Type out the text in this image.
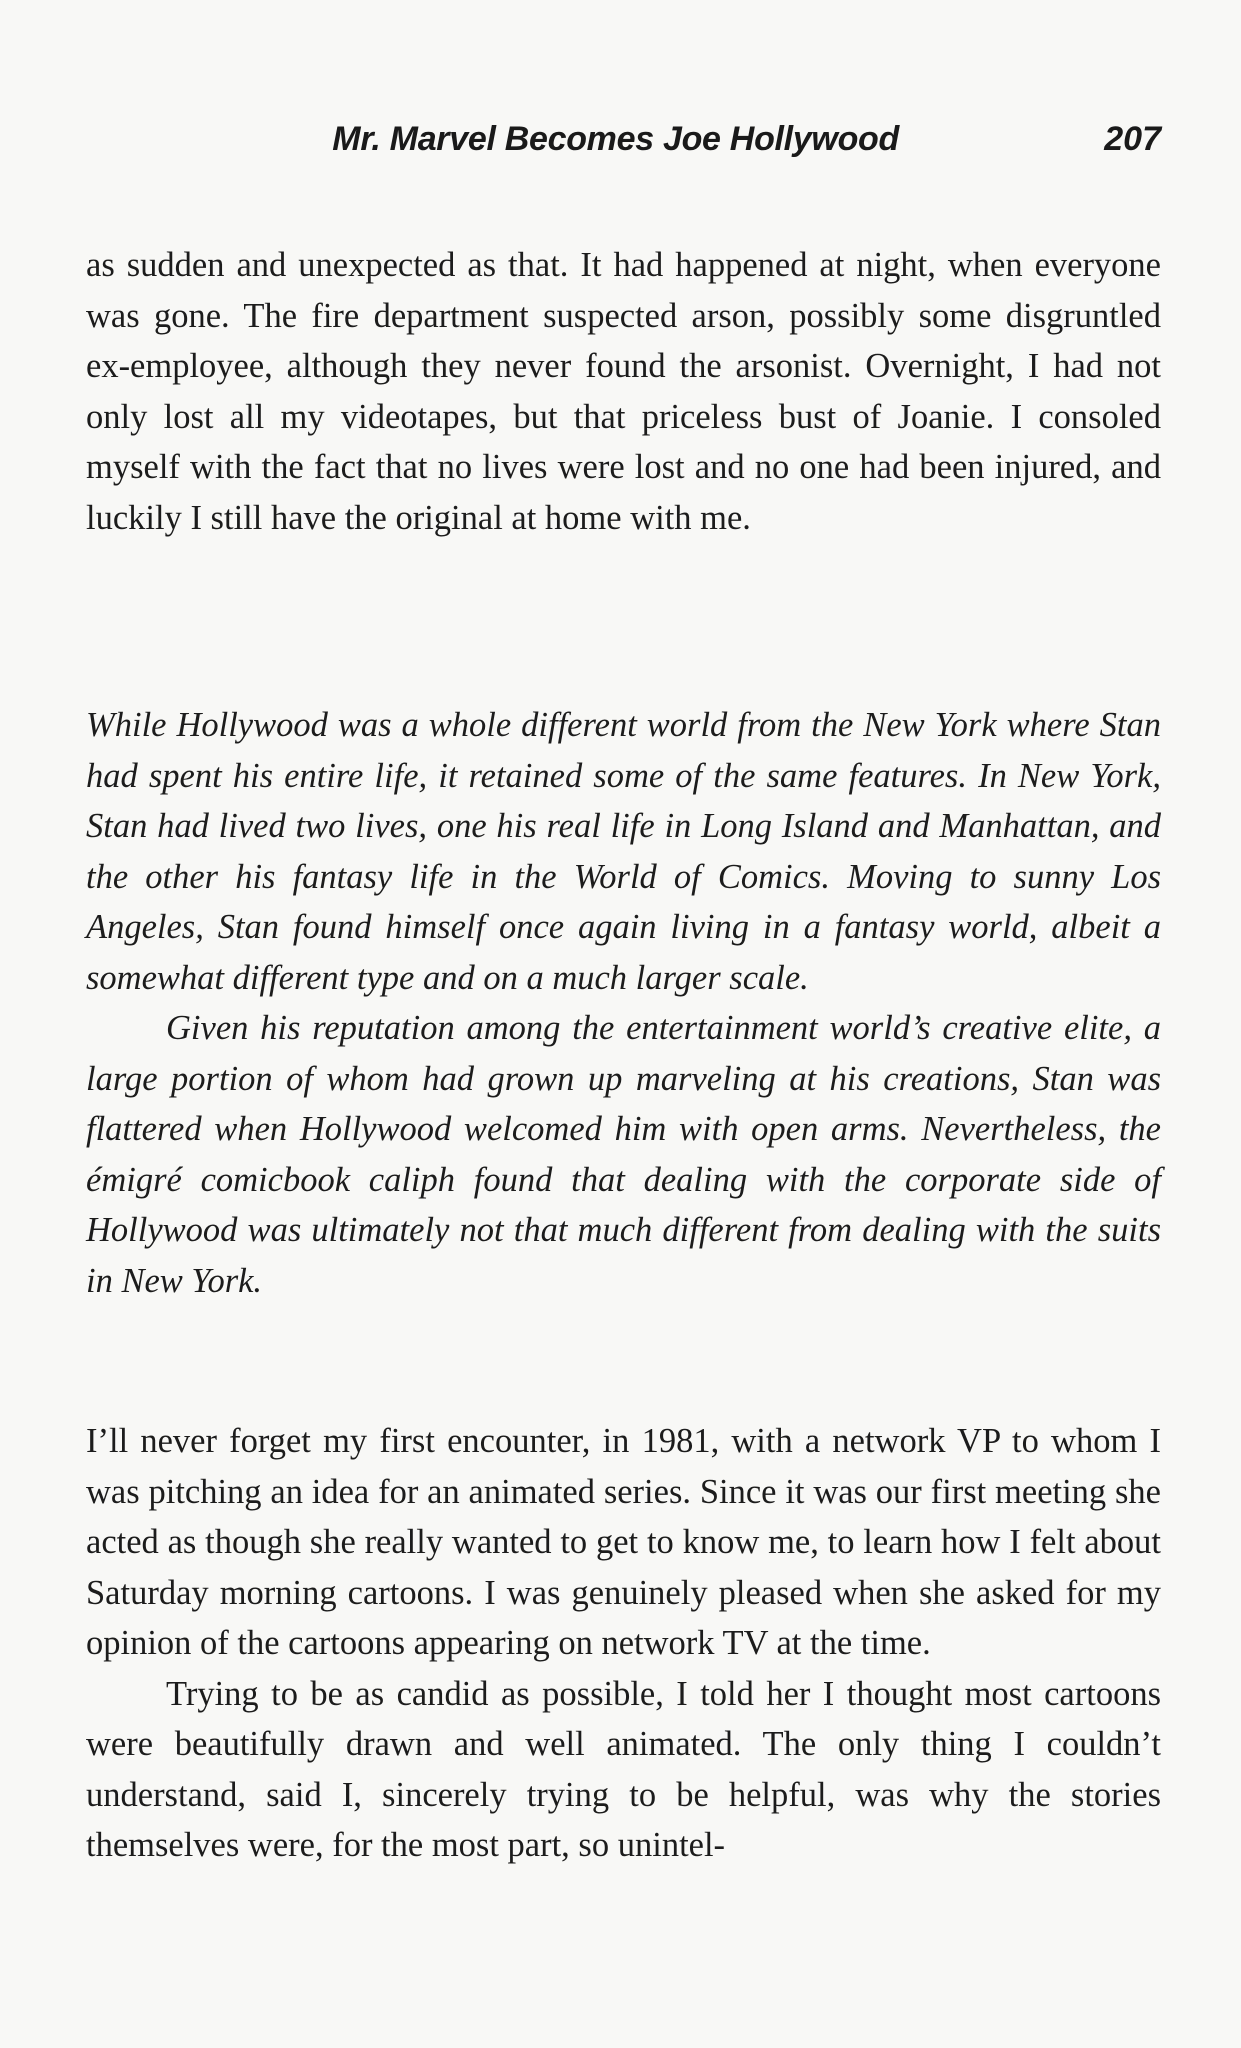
Mr. Marvel Becomes Joe Hollywood	207

as sudden and unexpected as that. It had happened at night, when everyone was gone. The fire department suspected arson, possibly some disgruntled ex-employee, although they never found the arsonist. Overnight, I had not only lost all my videotapes, but that priceless bust of Joanie. I consoled myself with the fact that no lives were lost and no one had been injured, and luckily I still have the original at home with me.

While Hollywood was a whole different world from the New York where Stan had spent his entire life, it retained some of the same features. In New York, Stan had lived two lives, one his real life in Long Island and Manhattan, and the other his fantasy life in the World of Comics. Moving to sunny Los Angeles, Stan found himself once again living in a fantasy world, albeit a somewhat different type and on a much larger scale.

Given his reputation among the entertainment world’s creative elite, a large portion of whom had grown up marveling at his creations, Stan was flattered when Hollywood welcomed him with open arms. Nevertheless, the émigré comicbook caliph found that dealing with the corporate side of Hollywood was ultimately not that much different from dealing with the suits in New York.

I’ll never forget my first encounter, in 1981, with a network VP to whom I was pitching an idea for an animated series. Since it was our first meeting she acted as though she really wanted to get to know me, to learn how I felt about Saturday morning cartoons. I was genuinely pleased when she asked for my opinion of the cartoons appearing on network TV at the time.

Trying to be as candid as possible, I told her I thought most cartoons were beautifully drawn and well animated. The only thing I couldn’t understand, said I, sincerely trying to be helpful, was why the stories themselves were, for the most part, so unintel-
